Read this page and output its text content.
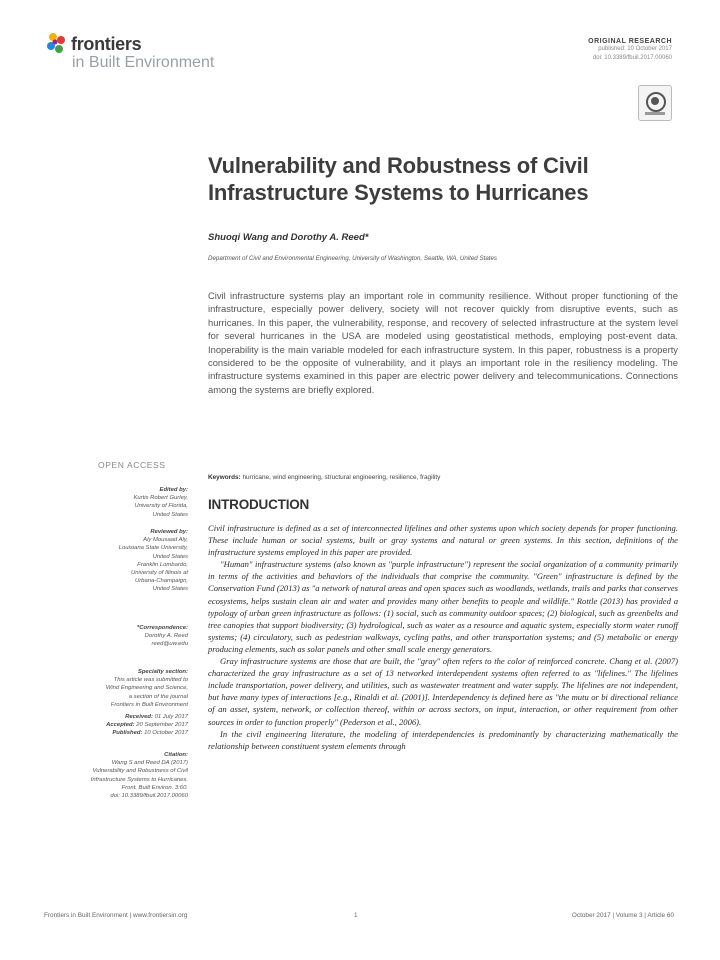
frontiers
in Built Environment
ORIGINAL RESEARCH
published: 10 October 2017
doi: 10.3389/fbuil.2017.00060
Vulnerability and Robustness of Civil Infrastructure Systems to Hurricanes
Shuoqi Wang and Dorothy A. Reed*
Department of Civil and Environmental Engineering, University of Washington, Seattle, WA, United States
Civil infrastructure systems play an important role in community resilience. Without proper functioning of the infrastructure, especially power delivery, society will not recover quickly from disruptive events, such as hurricanes. In this paper, the vulnerability, response, and recovery of selected infrastructure at the system level for several hurricanes in the USA are modeled using geostatistical methods, employing post-event data. Inoperability is the main variable modeled for each infrastructure system. In this paper, robustness is a property considered to be the opposite of vulnerability, and it plays an important role in the resiliency modeling. The infrastructure systems examined in this paper are electric power delivery and telecommunications. Connections among the systems are briefly explored.
Keywords: hurricane, wind engineering, structural engineering, resilience, fragility
INTRODUCTION

Civil infrastructure is defined as a set of interconnected lifelines and other systems upon which society depends for proper functioning. These include human or social systems, built or gray systems and natural or green systems. In this section, definitions of the infrastructure systems employed in this paper are provided.

"Human" infrastructure systems (also known as "purple infrastructure") represent the social organization of a community primarily in terms of the activities and behaviors of the individuals that comprise the community. "Green" infrastructure is defined by the Conservation Fund (2013) as "a network of natural areas and open spaces such as woodlands, wetlands, trails and parks that conserves ecosystems, helps sustain clean air and water and provides many other benefits to people and wildlife." Rottle (2013) has provided a typology of urban green infrastructure as follows: (1) social, such as community outdoor spaces; (2) biological, such as greenbelts and tree canopies that support biodiversity; (3) hydrological, such as water as a resource and aquatic system, especially storm water runoff systems; (4) circulatory, such as pedestrian walkways, cycling paths, and other transportation systems; and (5) metabolic or energy producing elements, such as solar panels and other small scale energy generators.

Gray infrastructure systems are those that are built, the "gray" often refers to the color of reinforced concrete. Chang et al. (2007) characterized the gray infrastructure as a set of 13 networked interdependent systems often referred to as "lifelines." The lifelines include transportation, power delivery, and utilities, such as wastewater treatment and water supply. The lifelines are not independent, but have many types of interactions [e.g., Rinaldi et al. (2001)]. Interdependency is defined here as "the mutu or bi directional reliance of an asset, system, network, or collection thereof, within or across sectors, on input, interaction, or other requirement from other sources in order to function properly" (Pederson et al., 2006).

In the civil engineering literature, the modeling of interdependencies is predominantly by characterizing mathematically the relationship between constituent system elements through

OPEN ACCESS
Edited by:
Kurtis Robert Gurley,
University of Florida,
United States
Reviewed by:
Aly Mousaad Aly,
Louisiana State University,
United States
Franklin Lombardo,
University of Illinois at
Urbana-Champaign,
United States
*Correspondence:
Dorothy A. Reed
reed@uw.edu
Specialty section:
This article was submitted to
Wind Engineering and Science,
a section of the journal
Frontiers in Built Environment
Received: 01 July 2017
Accepted: 20 September 2017
Published: 10 October 2017
Citation:
Wang S and Reed DA (2017)
Vulnerability and Robustness of Civil
Infrastructure Systems to Hurricanes.
Front. Built Environ. 3:60.
doi: 10.3389/fbuil.2017.00060
Frontiers in Built Environment | www.frontiersin.org	1	October 2017 | Volume 3 | Article 60
